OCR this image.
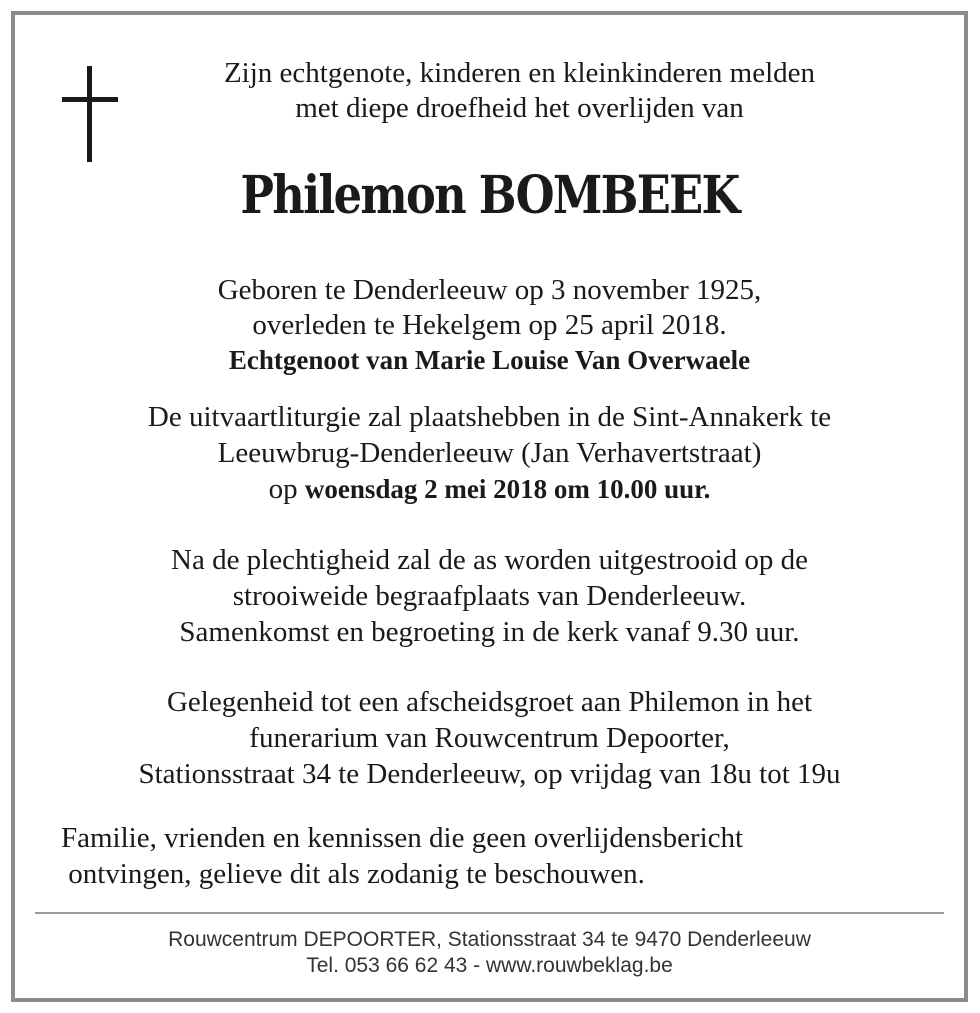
Zijn echtgenote, kinderen en kleinkinderen melden
met diepe droefheid het overlijden van
Philemon BOMBEEK
Geboren te Denderleeuw op 3 november 1925,
overleden te Hekelgem op 25 april 2018.
Echtgenoot van Marie Louise Van Overwaele
De uitvaartliturgie zal plaatshebben in de Sint-Annakerk te
Leeuwbrug-Denderleeuw (Jan Verhavertstraat)
op woensdag 2 mei 2018 om 10.00 uur.
Na de plechtigheid zal de as worden uitgestrooid op de
strooiweide begraafplaats van Denderleeuw.
Samenkomst en begroeting in de kerk vanaf 9.30 uur.
Gelegenheid tot een afscheidsgroet aan Philemon in het
funerarium van Rouwcentrum Depoorter,
Stationsstraat 34 te Denderleeuw, op vrijdag van 18u tot 19u
Familie, vrienden en kennissen die geen overlijdensbericht
ontvingen, gelieve dit als zodanig te beschouwen.
Rouwcentrum DEPOORTER, Stationsstraat 34 te 9470 Denderleeuw
Tel. 053 66 62 43 - www.rouwbeklag.be
